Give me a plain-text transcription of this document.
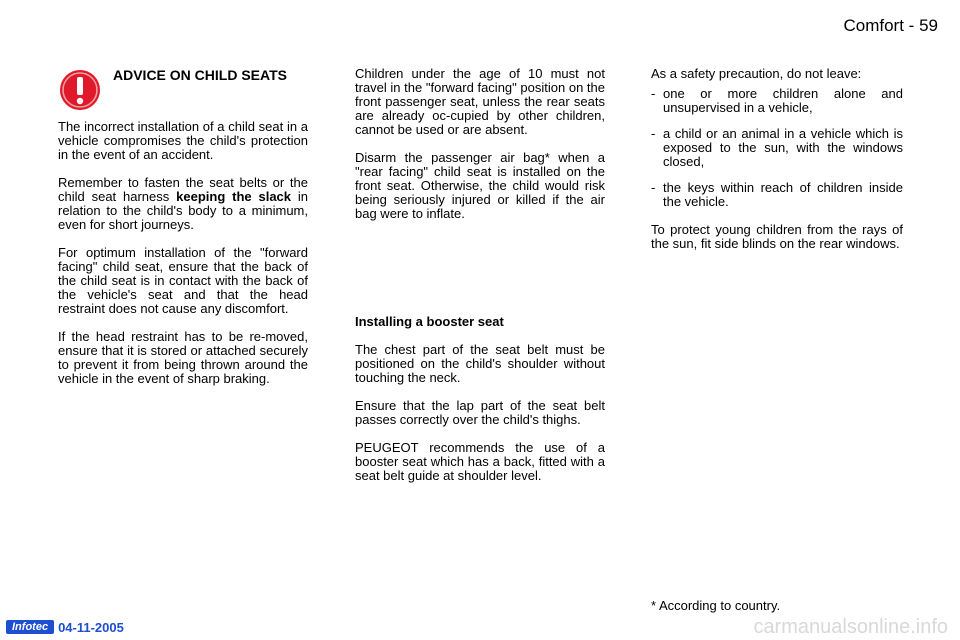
Comfort - 59
ADVICE ON CHILD SEATS

The incorrect installation of a child seat in a vehicle compromises the child's protection in the event of an accident.

Remember to fasten the seat belts or the child seat harness keeping the slack in relation to the child's body to a minimum, even for short journeys.

For optimum installation of the "forward facing" child seat, ensure that the back of the child seat is in contact with the back of the vehicle's seat and that the head restraint does not cause any discomfort.

If the head restraint has to be re-moved, ensure that it is stored or attached securely to prevent it from being thrown around the vehicle in the event of sharp braking.

Children under the age of 10 must not travel in the "forward facing" position on the front passenger seat, unless the rear seats are already oc-cupied by other children, cannot be used or are absent.

Disarm the passenger air bag* when a "rear facing" child seat is installed on the front seat. Otherwise, the child would risk being seriously injured or killed if the air bag were to inflate.

Installing a booster seat

The chest part of the seat belt must be positioned on the child's shoulder without touching the neck.

Ensure that the lap part of the seat belt passes correctly over the child's thighs.

PEUGEOT recommends the use of a booster seat which has a back, fitted with a seat belt guide at shoulder level.

As a safety precaution, do not leave:

- one or more children alone and unsupervised in a vehicle,
- a child or an animal in a vehicle which is exposed to the sun, with the windows closed,
- the keys within reach of children inside the vehicle.

To protect young children from the rays of the sun, fit side blinds on the rear windows.

* According to country.
Infotec 04-11-2005	carmanualsonline.info
